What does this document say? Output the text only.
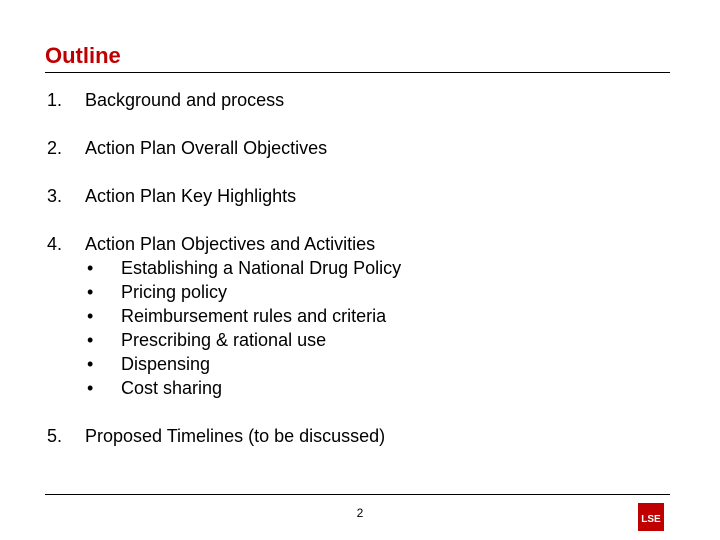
Outline
1. Background and process
2. Action Plan Overall Objectives
3. Action Plan Key Highlights
4. Action Plan Objectives and Activities
• Establishing a National Drug Policy
• Pricing policy
• Reimbursement rules and criteria
• Prescribing & rational use
• Dispensing
• Cost sharing
5. Proposed Timelines (to be discussed)
2	LSE
